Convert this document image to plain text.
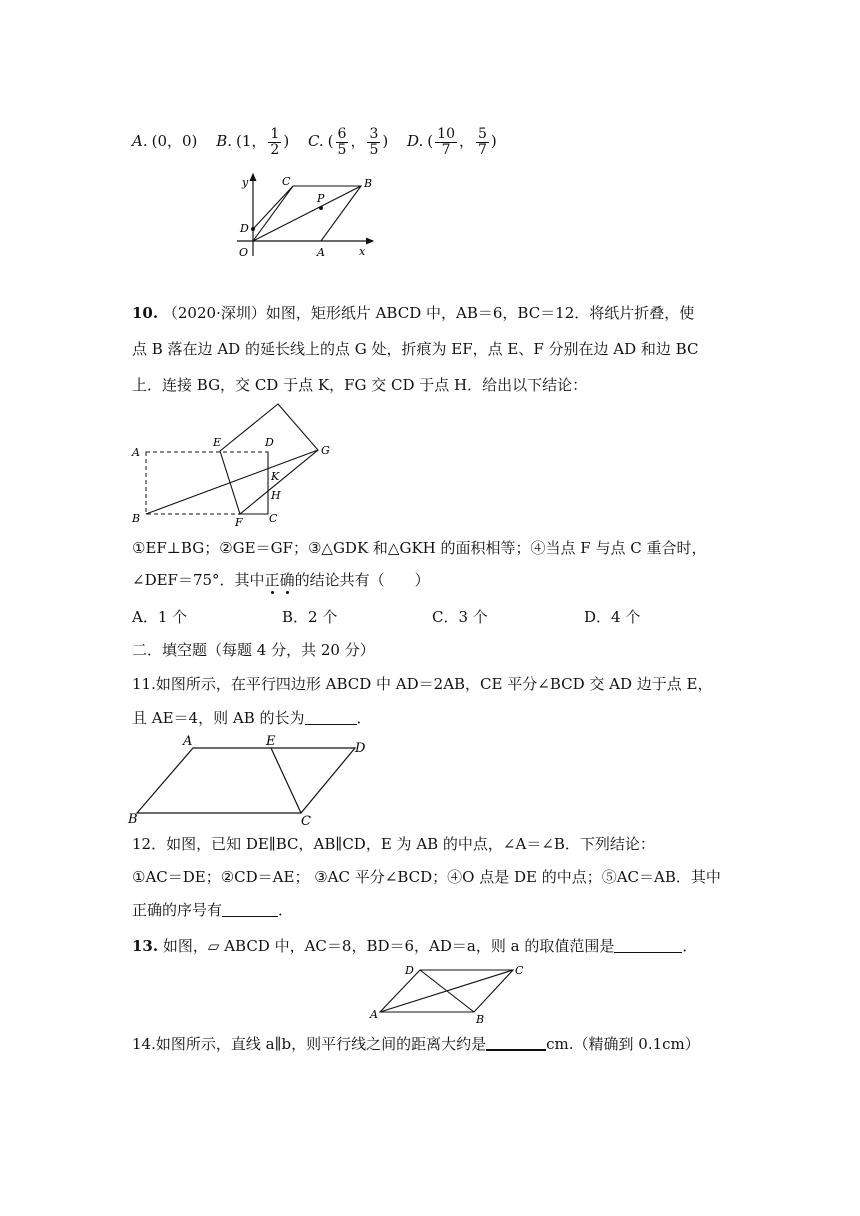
A. (0，0) B. (1， $\frac{1}{2}$ ) C. ( $\frac{6}{5}$ ， $\frac{3}{5}$ ) D. ( $\frac{10}{7}$ ， $\frac{5}{7}$ )
y
x
C	B
P
D
O	A
10. （2020·深圳）如图，矩形纸片 ABCD 中，AB＝6，BC＝12．将纸片折叠，使
点 B 落在边 AD 的延长线上的点 G 处，折痕为 EF，点 E、F 分别在边 AD 和边 BC
上．连接 BG，交 CD 于点 K，FG 交 CD 于点 H．给出以下结论：
A
E	D
G
K
H
B	F C
①EF⊥BG；②GE＝GF；③△GDK 和△GKH 的面积相等；④当点 F 与点 C 重合时，
∠DEF＝75°．其中正确的结论共有（　　）
A．1 个	B．2 个	C．3 个	D．4 个
二．填空题（每题 4 分，共 20 分）
11.如图所示，在平行四边形 ABCD 中 AD＝2AB，CE 平分∠BCD 交 AD 边于点 E，
且 AE＝4，则 AB 的长为	．
A	E	D
B	C
12．如图，已知 DE∥BC，AB∥CD，E 为 AB 的中点，∠A＝∠B．下列结论：
①AC＝DE；②CD＝AE； ③AC 平分∠BCD；④O 点是 DE 的中点；⑤AC＝AB．其中
正确的序号有	．
13. 如图，▱ ABCD 中，AC＝8，BD＝6，AD＝a，则 a 的取值范围是	．
D	C
A	B
14.如图所示，直线 a∥b，则平行线之间的距离大约是	cm.（精确到 0.1cm）
